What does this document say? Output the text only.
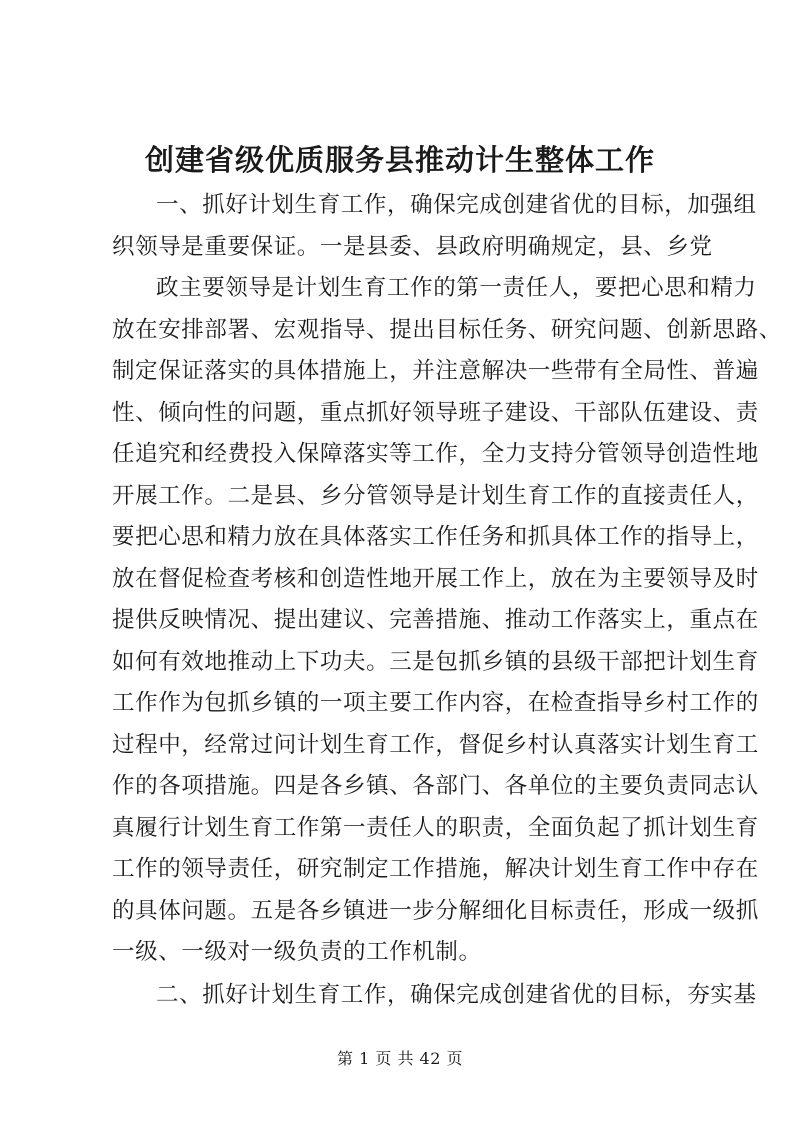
创建省级优质服务县推动计生整体工作

一、抓好计划生育工作，确保完成创建省优的目标，加强组

织领导是重要保证。一是县委、县政府明确规定，县、乡党

政主要领导是计划生育工作的第一责任人，要把心思和精力

放在安排部署、宏观指导、提出目标任务、研究问题、创新思路、

制定保证落实的具体措施上，并注意解决一些带有全局性、普遍

性、倾向性的问题，重点抓好领导班子建设、干部队伍建设、责

任追究和经费投入保障落实等工作，全力支持分管领导创造性地

开展工作。二是县、乡分管领导是计划生育工作的直接责任人，

要把心思和精力放在具体落实工作任务和抓具体工作的指导上，

放在督促检查考核和创造性地开展工作上，放在为主要领导及时

提供反映情况、提出建议、完善措施、推动工作落实上，重点在

如何有效地推动上下功夫。三是包抓乡镇的县级干部把计划生育

工作作为包抓乡镇的一项主要工作内容，在检查指导乡村工作的

过程中，经常过问计划生育工作，督促乡村认真落实计划生育工

作的各项措施。四是各乡镇、各部门、各单位的主要负责同志认

真履行计划生育工作第一责任人的职责，全面负起了抓计划生育

工作的领导责任，研究制定工作措施，解决计划生育工作中存在

的具体问题。五是各乡镇进一步分解细化目标责任，形成一级抓

一级、一级对一级负责的工作机制。

二、抓好计划生育工作，确保完成创建省优的目标，夯实基

第 1 页 共 42 页
